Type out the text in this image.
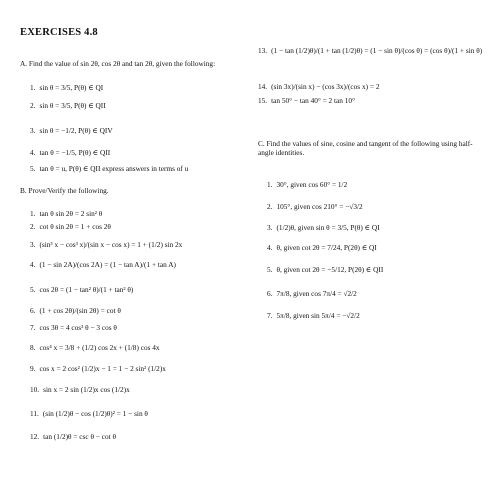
EXERCISES 4.8
A. Find the value of sin 2θ, cos 2θ and tan 2θ, given the following:
1. sin θ = 3/5, P(θ) ∈ QI
2. sin θ = 3/5, P(θ) ∈ QII
3. sin θ = −1/2, P(θ) ∈ QIV
4. tan θ = −1/5, P(θ) ∈ QII
5. tan θ = u, P(θ) ∈ QII express answers in terms of u
B. Prove/Verify the following.
1. tan θ sin 2θ = 2 sin² θ
2. cot θ sin 2θ = 1 + cos 2θ
3. (sin³ x − cos³ x)/(sin x − cos x) = 1 + (1/2) sin 2x
4. (1 − sin 2A)/(cos 2A) = (1 − tan A)/(1 + tan A)
5. cos 2θ = (1 − tan² θ)/(1 + tan² θ)
6. (1 + cos 2θ)/(sin 2θ) = cot θ
7. cos 3θ = 4 cos³ θ − 3 cos θ
8. cos⁴ x = 3/8 + (1/2) cos 2x + (1/8) cos 4x
9. cos x = 2 cos² (1/2)x − 1 = 1 − 2 sin² (1/2)x
10. sin x = 2 sin (1/2)x cos (1/2)x
11. (sin (1/2)θ − cos (1/2)θ)² = 1 − sin θ
12. tan (1/2)θ = csc θ − cot θ
13. (1 − tan (1/2)θ)/(1 + tan (1/2)θ) = (1 − sin θ)/(cos θ) = (cos θ)/(1 + sin θ)
14. (sin 3x)/(sin x) − (cos 3x)/(cos x) = 2
15. tan 50° − tan 40° = 2 tan 10°
C. Find the values of sine, cosine and tangent of the following using half-angle identities.
1. 30°, given cos 60° = 1/2
2. 105°, given cos 210° = −√3/2
3. (1/2)θ, given sin θ = 3/5, P(θ) ∈ QI
4. θ, given cot 2θ = 7/24, P(2θ) ∈ QI
5. θ, given cot 2θ = −5/12, P(2θ) ∈ QII
6. 7π/8, given cos 7π/4 = √2/2
7. 5π/8, given sin 5π/4 = −√2/2
